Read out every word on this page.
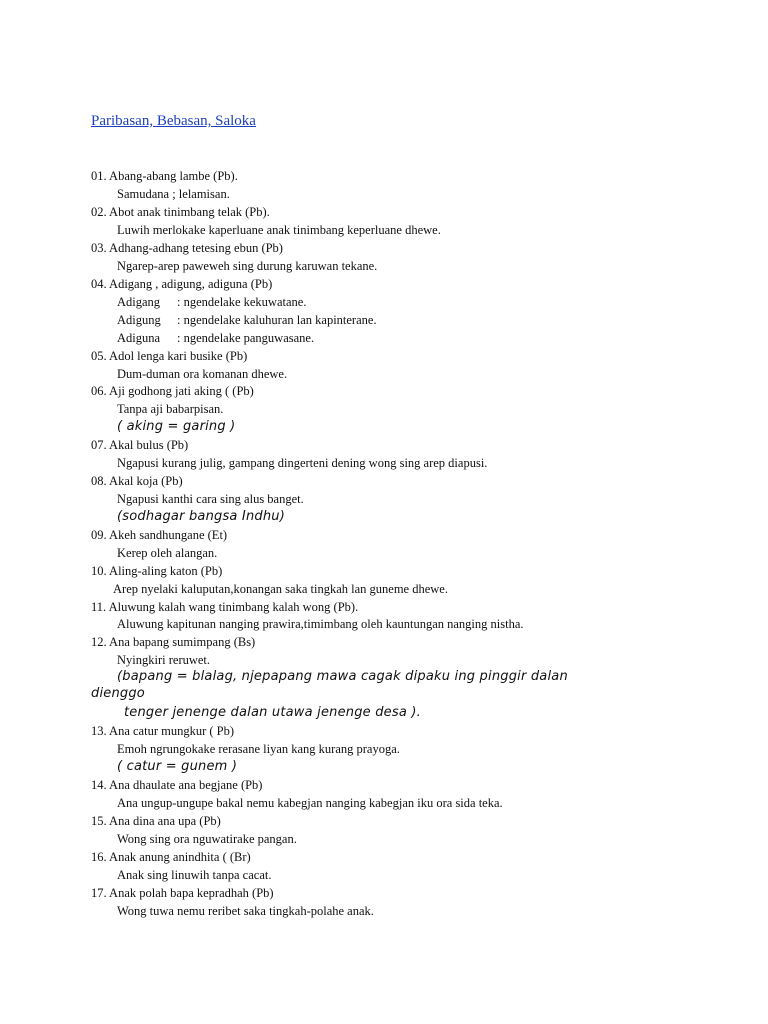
Paribasan, Bebasan, Saloka
01. Abang-abang lambe (Pb).
Samudana ; lelamisan.
02. Abot anak tinimbang telak (Pb).
Luwih merlokake kaperluane anak tinimbang keperluane dhewe.
03. Adhang-adhang tetesing ebun (Pb)
Ngarep-arep paweweh sing durung karuwan tekane.
04. Adigang , adigung, adiguna (Pb)
Adigang : ngendelake kekuwatane.
Adigung : ngendelake kaluhuran lan kapinterane.
Adiguna : ngendelake panguwasane.
05. Adol lenga kari busike (Pb)
Dum-duman ora komanan dhewe.
06. Aji godhong jati aking ( (Pb)
Tanpa aji babarpisan.
( aking = garing )
07. Akal bulus (Pb)
Ngapusi kurang julig, gampang dingerteni dening wong sing arep diapusi.
08. Akal koja (Pb)
Ngapusi kanthi cara sing alus banget.
(sodhagar bangsa Indhu)
09. Akeh sandhungane (Et)
Kerep oleh alangan.
10. Aling-aling katon (Pb)
Arep nyelaki kaluputan,konangan saka tingkah lan guneme dhewe.
11. Aluwung kalah wang tinimbang kalah wong (Pb).
Aluwung kapitunan nanging prawira,timimbang oleh kauntungan nanging nistha.
12. Ana bapang sumimpang (Bs)
Nyingkiri reruwet.
(bapang = blalag, njepapang mawa cagak dipaku ing pinggir dalan
dienggo
tenger jenenge dalan utawa jenenge desa ).
13. Ana catur mungkur ( Pb)
Emoh ngrungokake rerasane liyan kang kurang prayoga.
( catur = gunem )
14. Ana dhaulate ana begjane (Pb)
Ana ungup-ungupe bakal nemu kabegjan nanging kabegjan iku ora sida teka.
15. Ana dina ana upa (Pb)
Wong sing ora nguwatirake pangan.
16. Anak anung anindhita ( (Br)
Anak sing linuwih tanpa cacat.
17. Anak polah bapa kepradhah (Pb)
Wong tuwa nemu reribet saka tingkah-polahe anak.
